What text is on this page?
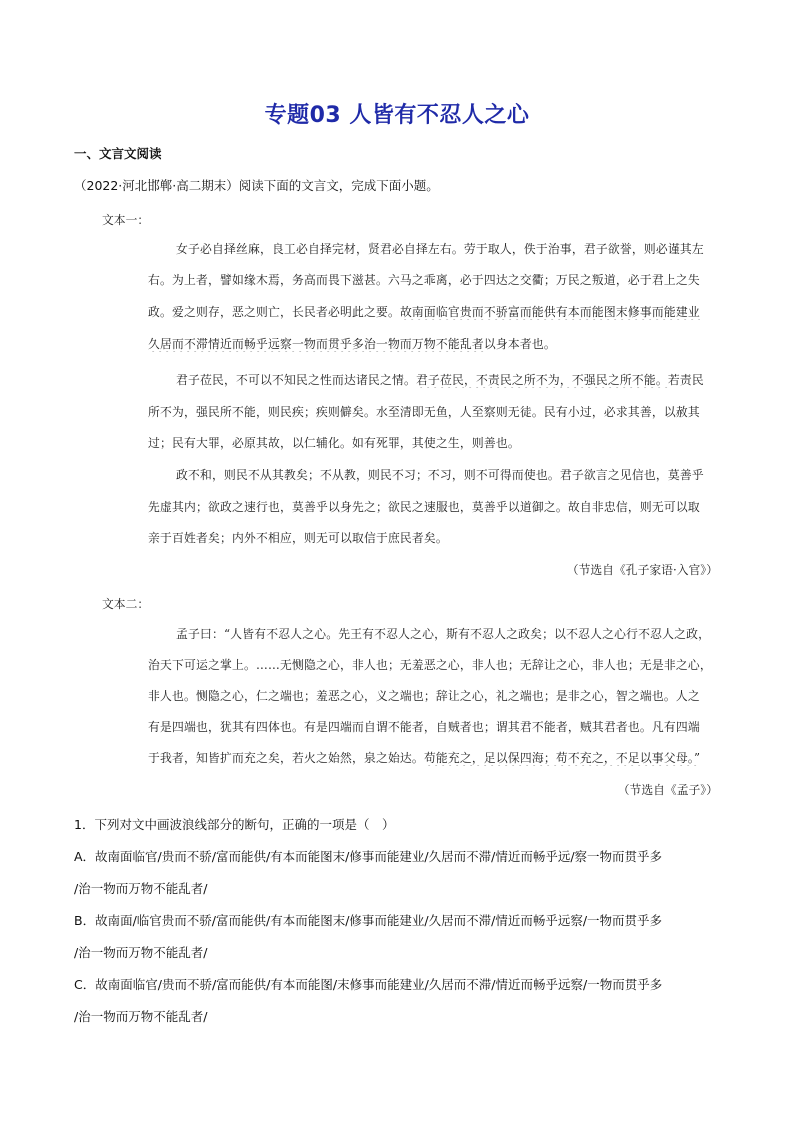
专题03 人皆有不忍人之心
一、文言文阅读
（2022·河北邯郸·高二期末）阅读下面的文言文，完成下面小题。
文本一：
女子必自择丝麻，良工必自择完材，贤君必自择左右。劳于取人，佚于治事，君子欲誉，则必谨其左
右。为上者，譬如缘木焉，务高而畏下滋甚。六马之乖离，必于四达之交衢；万民之叛道，必于君上之失
政。爱之则存，恶之则亡，长民者必明此之要。故南面临官贵而不骄富而能供有本而能图末修事而能建业
久居而不滞情近而畅乎远察一物而贯乎多治一物而万物不能乱者以身本者也。
君子莅民，不可以不知民之性而达诸民之情。君子莅民，不责民之所不为，不强民之所不能。若责民
所不为，强民所不能，则民疾；疾则僻矣。水至清即无鱼，人至察则无徒。民有小过，必求其善，以赦其
过；民有大罪，必原其故，以仁辅化。如有死罪，其使之生，则善也。
政不和，则民不从其教矣；不从教，则民不习；不习，则不可得而使也。君子欲言之见信也，莫善乎
先虚其内；欲政之速行也，莫善乎以身先之；欲民之速服也，莫善乎以道御之。故自非忠信，则无可以取
亲于百姓者矣；内外不相应，则无可以取信于庶民者矣。
（节选自《孔子家语·入官》）
文本二：
孟子曰：“人皆有不忍人之心。先王有不忍人之心，斯有不忍人之政矣；以不忍人之心行不忍人之政，
治天下可运之掌上。……无恻隐之心，非人也；无羞恶之心，非人也；无辞让之心，非人也；无是非之心，
非人也。恻隐之心，仁之端也；羞恶之心，义之端也；辞让之心，礼之端也；是非之心，智之端也。人之
有是四端也，犹其有四体也。有是四端而自谓不能者，自贼者也；谓其君不能者，贼其君者也。凡有四端
于我者，知皆扩而充之矣，若火之始然，泉之始达。苟能充之，足以保四海；苟不充之，不足以事父母。”
（节选自《孟子》）
1．下列对文中画波浪线部分的断句，正确的一项是（　）
A．故南面临官/贵而不骄/富而能供/有本而能图末/修事而能建业/久居而不滞/情近而畅乎远/察一物而贯乎多
/治一物而万物不能乱者/
B．故南面/临官贵而不骄/富而能供/有本而能图末/修事而能建业/久居而不滞/情近而畅乎远察/一物而贯乎多
/治一物而万物不能乱者/
C．故南面临官/贵而不骄/富而能供/有本而能图/末修事而能建业/久居而不滞/情近而畅乎远察/一物而贯乎多
/治一物而万物不能乱者/
